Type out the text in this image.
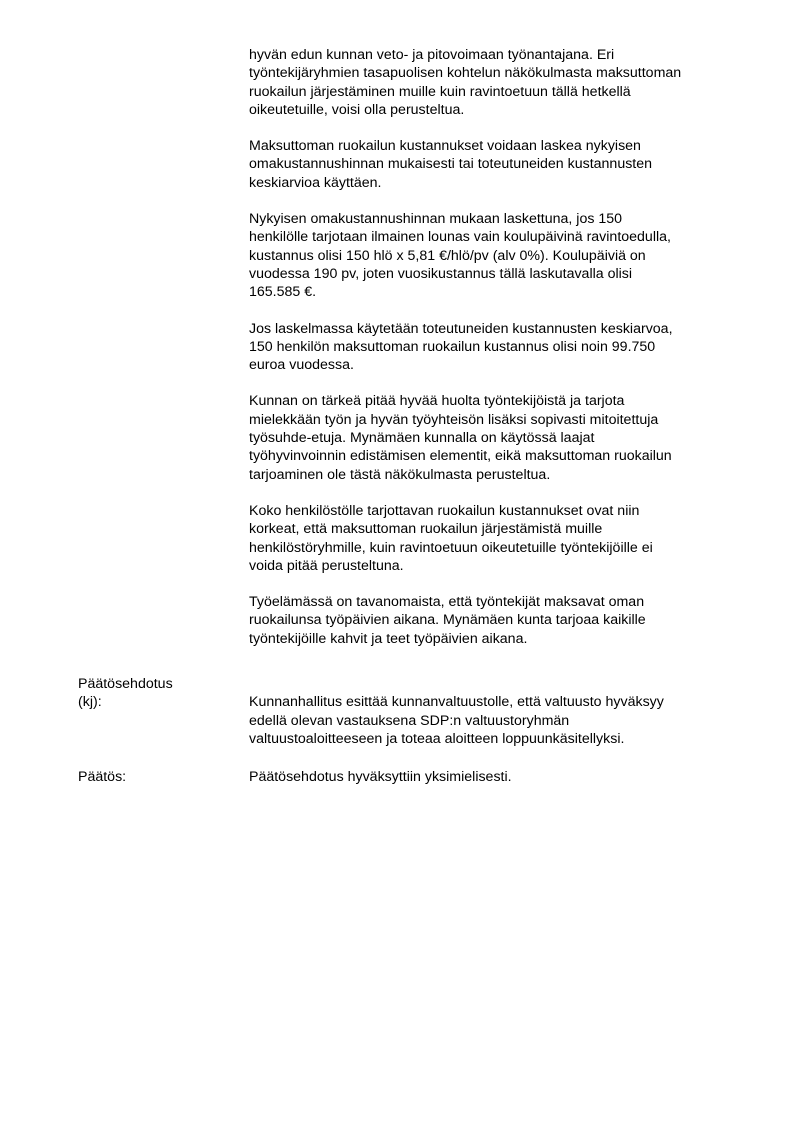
hyvän edun kunnan veto- ja pitovoimaan työnantajana. Eri
työntekijäryhmien tasapuolisen kohtelun näkökulmasta maksuttoman
ruokailun järjestäminen muille kuin ravintoetuun tällä hetkellä
oikeutetuille, voisi olla perusteltua.

Maksuttoman ruokailun kustannukset voidaan laskea nykyisen
omakustannushinnan mukaisesti tai toteutuneiden kustannusten
keskiarvioa käyttäen.

Nykyisen omakustannushinnan mukaan laskettuna, jos 150
henkilölle tarjotaan ilmainen lounas vain koulupäivinä ravintoedulla,
kustannus olisi 150 hlö x 5,81 €/hlö/pv (alv 0%). Koulupäiviä on
vuodessa 190 pv, joten vuosikustannus tällä laskutavalla olisi
165.585 €.

Jos laskelmassa käytetään toteutuneiden kustannusten keskiarvoa,
150 henkilön maksuttoman ruokailun kustannus olisi noin 99.750
euroa vuodessa.

Kunnan on tärkeä pitää hyvää huolta työntekijöistä ja tarjota
mielekkään työn ja hyvän työyhteisön lisäksi sopivasti mitoitettuja
työsuhde-etuja. Mynämäen kunnalla on käytössä laajat
työhyvinvoinnin edistämisen elementit, eikä maksuttoman ruokailun
tarjoaminen ole tästä näkökulmasta perusteltua.

Koko henkilöstölle tarjottavan ruokailun kustannukset ovat niin
korkeat, että maksuttoman ruokailun järjestämistä muille
henkilöstöryhmille, kuin ravintoetuun oikeutetuille työntekijöille ei
voida pitää perusteltuna.

Työelämässä on tavanomaista, että työntekijät maksavat oman
ruokailunsa työpäivien aikana. Mynämäen kunta tarjoaa kaikille
työntekijöille kahvit ja teet työpäivien aikana.

Päätösehdotus
(kj):	Kunnanhallitus esittää kunnanvaltuustolle, että valtuusto hyväksyy
edellä olevan vastauksena SDP:n valtuustoryhmän
valtuustoaloitteeseen ja toteaa aloitteen loppuunkäsitellyksi.
Päätös:	Päätösehdotus hyväksyttiin yksimielisesti.
